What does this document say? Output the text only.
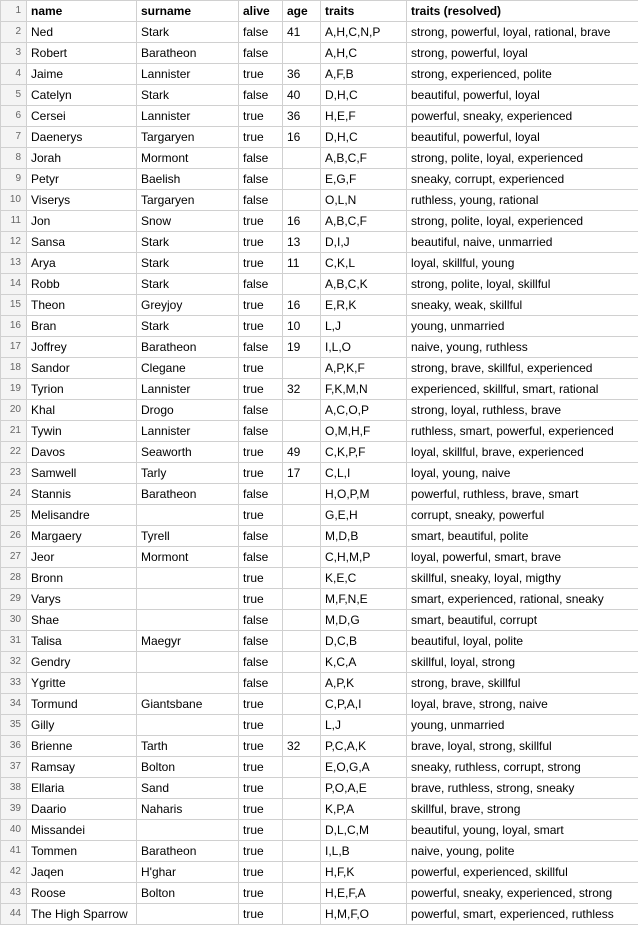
1	name	surname	alive	age	traits	traits (resolved)
2	Ned	Stark	false	41	A,H,C,N,P	strong, powerful, loyal, rational, brave
3	Robert	Baratheon	false		A,H,C	strong, powerful, loyal
4	Jaime	Lannister	true	36	A,F,B	strong, experienced, polite
5	Catelyn	Stark	false	40	D,H,C	beautiful, powerful, loyal
6	Cersei	Lannister	true	36	H,E,F	powerful, sneaky, experienced
7	Daenerys	Targaryen	true	16	D,H,C	beautiful, powerful, loyal
8	Jorah	Mormont	false		A,B,C,F	strong, polite, loyal, experienced
9	Petyr	Baelish	false		E,G,F	sneaky, corrupt, experienced
10	Viserys	Targaryen	false		O,L,N	ruthless, young, rational
11	Jon	Snow	true	16	A,B,C,F	strong, polite, loyal, experienced
12	Sansa	Stark	true	13	D,I,J	beautiful, naive, unmarried
13	Arya	Stark	true	11	C,K,L	loyal, skillful, young
14	Robb	Stark	false		A,B,C,K	strong, polite, loyal, skillful
15	Theon	Greyjoy	true	16	E,R,K	sneaky, weak, skillful
16	Bran	Stark	true	10	L,J	young, unmarried
17	Joffrey	Baratheon	false	19	I,L,O	naive, young, ruthless
18	Sandor	Clegane	true		A,P,K,F	strong, brave, skillful, experienced
19	Tyrion	Lannister	true	32	F,K,M,N	experienced, skillful, smart, rational
20	Khal	Drogo	false		A,C,O,P	strong, loyal, ruthless, brave
21	Tywin	Lannister	false		O,M,H,F	ruthless, smart, powerful, experienced
22	Davos	Seaworth	true	49	C,K,P,F	loyal, skillful, brave, experienced
23	Samwell	Tarly	true	17	C,L,I	loyal, young, naive
24	Stannis	Baratheon	false		H,O,P,M	powerful, ruthless, brave, smart
25	Melisandre		true		G,E,H	corrupt, sneaky, powerful
26	Margaery	Tyrell	false		M,D,B	smart, beautiful, polite
27	Jeor	Mormont	false		C,H,M,P	loyal, powerful, smart, brave
28	Bronn		true		K,E,C	skillful, sneaky, loyal, migthy
29	Varys		true		M,F,N,E	smart, experienced, rational, sneaky
30	Shae		false		M,D,G	smart, beautiful, corrupt
31	Talisa	Maegyr	false		D,C,B	beautiful, loyal, polite
32	Gendry		false		K,C,A	skillful, loyal, strong
33	Ygritte		false		A,P,K	strong, brave, skillful
34	Tormund	Giantsbane	true		C,P,A,I	loyal, brave, strong, naive
35	Gilly		true		L,J	young, unmarried
36	Brienne	Tarth	true	32	P,C,A,K	brave, loyal, strong, skillful
37	Ramsay	Bolton	true		E,O,G,A	sneaky, ruthless, corrupt, strong
38	Ellaria	Sand	true		P,O,A,E	brave, ruthless, strong, sneaky
39	Daario	Naharis	true		K,P,A	skillful, brave, strong
40	Missandei		true		D,L,C,M	beautiful, young, loyal, smart
41	Tommen	Baratheon	true		I,L,B	naive, young, polite
42	Jaqen	H'ghar	true		H,F,K	powerful, experienced, skillful
43	Roose	Bolton	true		H,E,F,A	powerful, sneaky, experienced, strong
44	The High Sparrow		true		H,M,F,O	powerful, smart, experienced, ruthless
